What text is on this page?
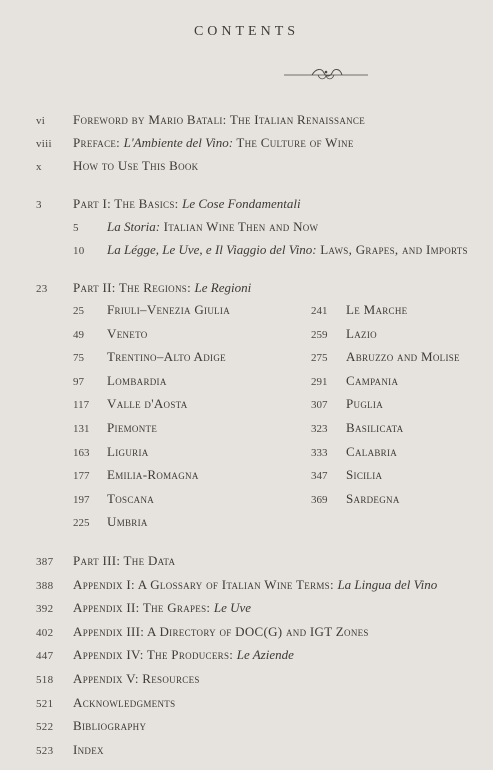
CONTENTS
vi Foreword by Mario Batali: The Italian Renaissance
viii Preface: L'Ambiente del Vino: The Culture of Wine
x How to Use This Book
3 Part I: The Basics: Le Cose Fondamentali
5 La Storia: Italian Wine Then and Now
10 La Légge, Le Uve, e Il Viaggio del Vino: Laws, Grapes, and Imports
23 Part II: The Regions: Le Regioni
25 Friuli–Venezia Giulia
49 Veneto
75 Trentino–Alto Adige
97 Lombardia
117 Valle d'Aosta
131 Piemonte
163 Liguria
177 Emilia-Romagna
197 Toscana
225 Umbria
241 Le Marche
259 Lazio
275 Abruzzo and Molise
291 Campania
307 Puglia
323 Basilicata
333 Calabria
347 Sicilia
369 Sardegna
387 Part III: The Data
388 Appendix I: A Glossary of Italian Wine Terms: La Lingua del Vino
392 Appendix II: The Grapes: Le Uve
402 Appendix III: A Directory of DOC(G) and IGT Zones
447 Appendix IV: The Producers: Le Aziende
518 Appendix V: Resources
521 Acknowledgments
522 Bibliography
523 Index
